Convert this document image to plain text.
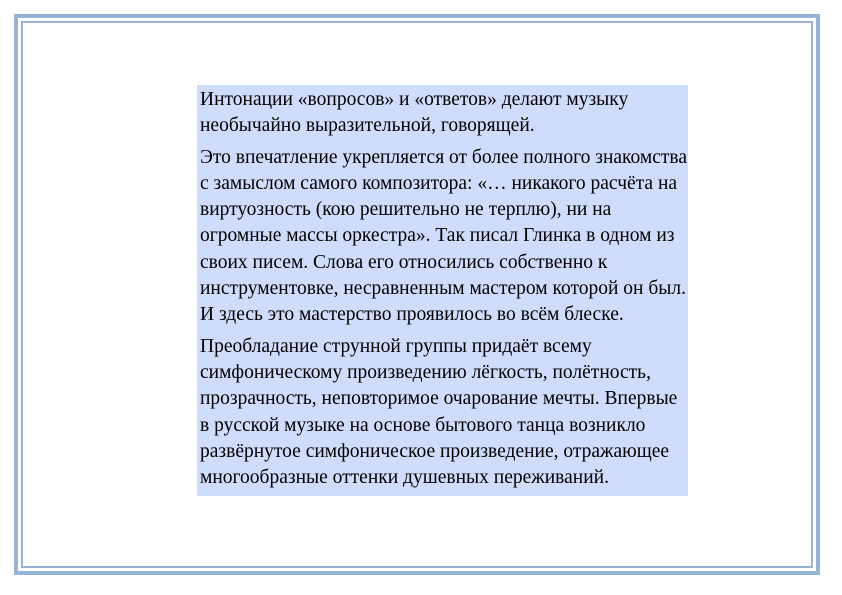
Интонации «вопросов» и «ответов» делают музыку необычайно выразительной, говорящей.

Это впечатление укрепляется от более полного знакомства с замыслом самого композитора: «… никакого расчёта на виртуозность (кою решительно не терплю), ни на огромные массы оркестра». Так писал Глинка в одном из своих писем. Слова его относились собственно к инструментовке, несравненным мастером которой он был. И здесь это мастерство проявилось во всём блеске.

Преобладание струнной группы придаёт всему симфоническому произведению лёгкость, полётность, прозрачность, неповторимое очарование мечты. Впервые в русской музыке на основе бытового танца возникло развёрнутое симфоническое произведение, отражающее многообразные оттенки душевных переживаний.
